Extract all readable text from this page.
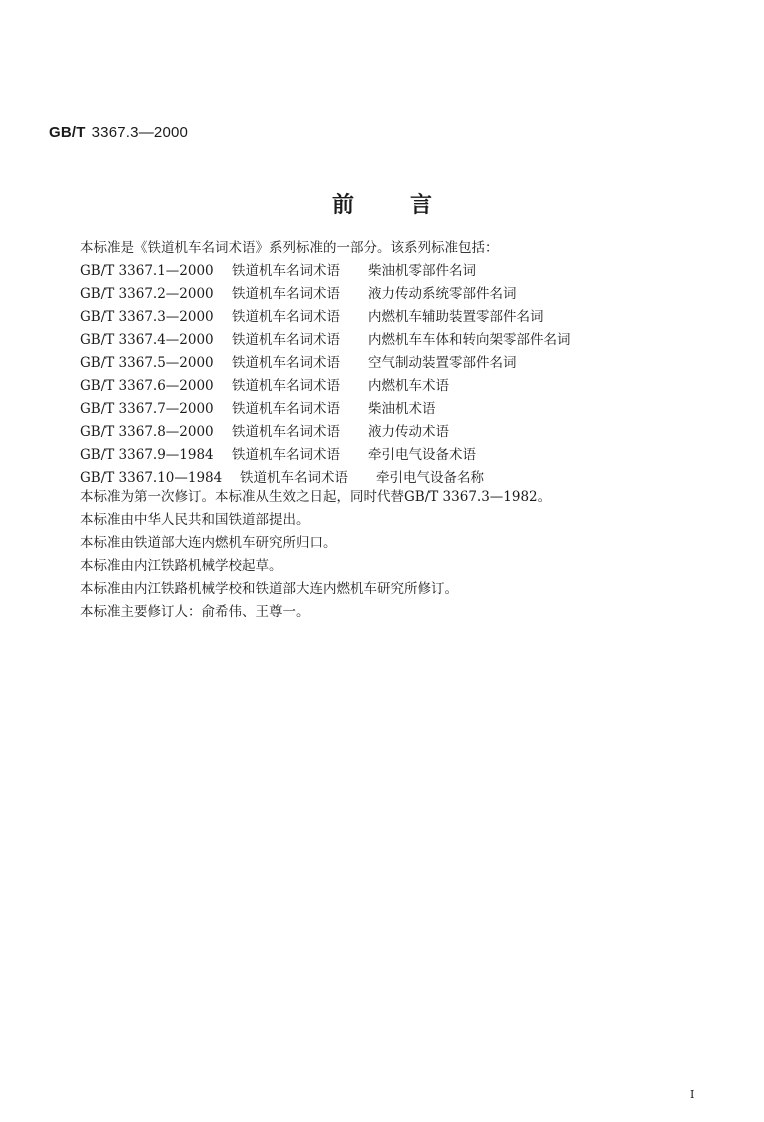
GB/T 3367.3—2000
前言
本标准是《铁道机车名词术语》系列标准的一部分。该系列标准包括：
GB/T 3367.1—2000 铁道机车名词术语 柴油机零部件名词
GB/T 3367.2—2000 铁道机车名词术语 液力传动系统零部件名词
GB/T 3367.3—2000 铁道机车名词术语 内燃机车辅助装置零部件名词
GB/T 3367.4—2000 铁道机车名词术语 内燃机车车体和转向架零部件名词
GB/T 3367.5—2000 铁道机车名词术语 空气制动装置零部件名词
GB/T 3367.6—2000 铁道机车名词术语 内燃机车术语
GB/T 3367.7—2000 铁道机车名词术语 柴油机术语
GB/T 3367.8—2000 铁道机车名词术语 液力传动术语
GB/T 3367.9—1984 铁道机车名词术语 牵引电气设备术语
GB/T 3367.10—1984 铁道机车名词术语 牵引电气设备名称
本标准为第一次修订。本标准从生效之日起，同时代替GB/T 3367.3—1982。
本标准由中华人民共和国铁道部提出。
本标准由铁道部大连内燃机车研究所归口。
本标准由内江铁路机械学校起草。
本标准由内江铁路机械学校和铁道部大连内燃机车研究所修订。
本标准主要修订人：俞希伟、王尊一。
I
